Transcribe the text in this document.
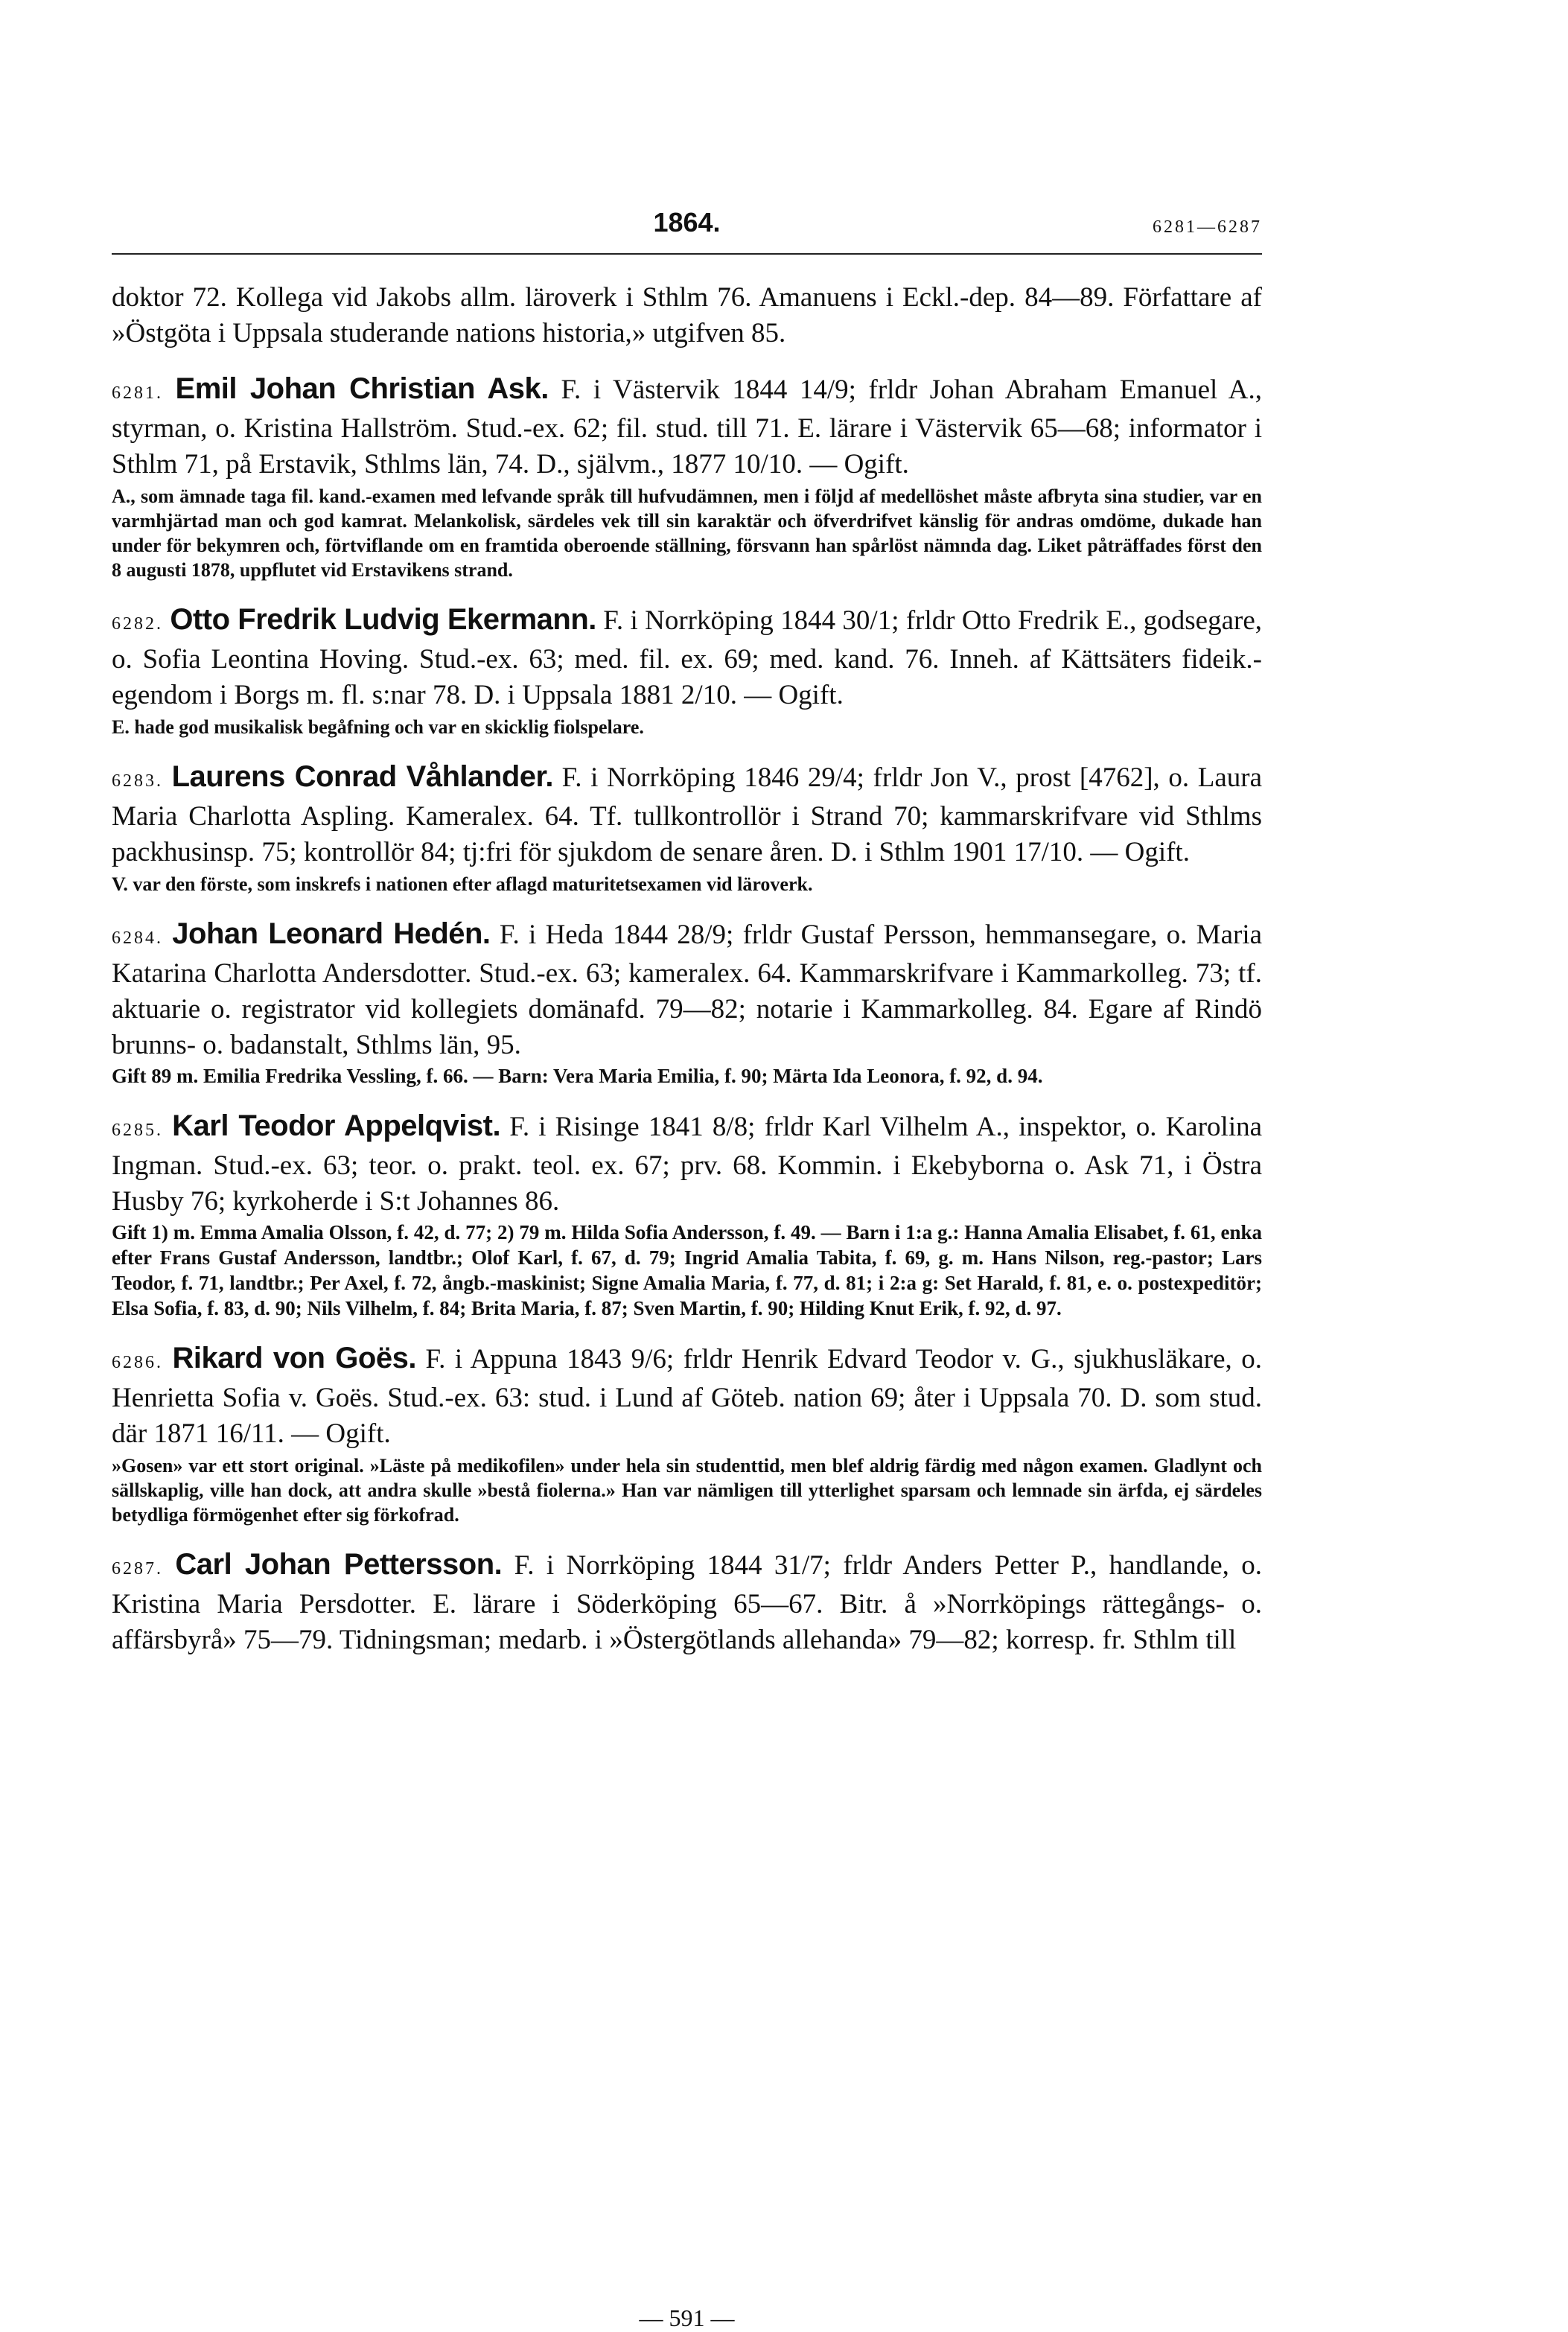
1864.	6281—6287

doktor 72. Kollega vid Jakobs allm. läroverk i Sthlm 76. Amanuens i Eckl.-dep. 84—89. Författare af »Östgöta i Uppsala studerande nations historia,» utgifven 85.

6281. Emil Johan Christian Ask. F. i Västervik 1844 14/9; frldr Johan Abraham Emanuel A., styrman, o. Kristina Hallström. Stud.-ex. 62; fil. stud. till 71. E. lärare i Västervik 65—68; informator i Sthlm 71, på Erstavik, Sthlms län, 74. D., självm., 1877 10/10. — Ogift.

A., som ämnade taga fil. kand.-examen med lefvande språk till hufvudämnen, men i följd af medellöshet måste afbryta sina studier, var en varmhjärtad man och god kamrat. Melankolisk, särdeles vek till sin karaktär och öfverdrifvet känslig för andras omdöme, dukade han under för bekymren och, förtviflande om en framtida oberoende ställning, försvann han spårlöst nämnda dag. Liket påträffades först den 8 augusti 1878, uppflutet vid Erstavikens strand.

6282. Otto Fredrik Ludvig Ekermann. F. i Norrköping 1844 30/1; frldr Otto Fredrik E., godsegare, o. Sofia Leontina Hoving. Stud.-ex. 63; med. fil. ex. 69; med. kand. 76. Inneh. af Kättsäters fideik.-egendom i Borgs m. fl. s:nar 78. D. i Uppsala 1881 2/10. — Ogift.

E. hade god musikalisk begåfning och var en skicklig fiolspelare.

6283. Laurens Conrad Våhlander. F. i Norrköping 1846 29/4; frldr Jon V., prost [4762], o. Laura Maria Charlotta Aspling. Kameralex. 64. Tf. tullkontrollör i Strand 70; kammarskrifvare vid Sthlms packhusinsp. 75; kontrollör 84; tj:fri för sjukdom de senare åren. D. i Sthlm 1901 17/10. — Ogift.

V. var den förste, som inskrefs i nationen efter aflagd maturitetsexamen vid läroverk.

6284. Johan Leonard Hedén. F. i Heda 1844 28/9; frldr Gustaf Persson, hemmansegare, o. Maria Katarina Charlotta Andersdotter. Stud.-ex. 63; kameralex. 64. Kammarskrifvare i Kammarkolleg. 73; tf. aktuarie o. registrator vid kollegiets domänafd. 79—82; notarie i Kammarkolleg. 84. Egare af Rindö brunns- o. badanstalt, Sthlms län, 95.

Gift 89 m. Emilia Fredrika Vessling, f. 66. — Barn: Vera Maria Emilia, f. 90; Märta Ida Leonora, f. 92, d. 94.

6285. Karl Teodor Appelqvist. F. i Risinge 1841 8/8; frldr Karl Vilhelm A., inspektor, o. Karolina Ingman. Stud.-ex. 63; teor. o. prakt. teol. ex. 67; prv. 68. Kommin. i Ekebyborna o. Ask 71, i Östra Husby 76; kyrkoherde i S:t Johannes 86.

Gift 1) m. Emma Amalia Olsson, f. 42, d. 77; 2) 79 m. Hilda Sofia Andersson, f. 49. — Barn i 1:a g.: Hanna Amalia Elisabet, f. 61, enka efter Frans Gustaf Andersson, landtbr.; Olof Karl, f. 67, d. 79; Ingrid Amalia Tabita, f. 69, g. m. Hans Nilson, reg.-pastor; Lars Teodor, f. 71, landtbr.; Per Axel, f. 72, ångb.-maskinist; Signe Amalia Maria, f. 77, d. 81; i 2:a g: Set Harald, f. 81, e. o. postexpeditör; Elsa Sofia, f. 83, d. 90; Nils Vilhelm, f. 84; Brita Maria, f. 87; Sven Martin, f. 90; Hilding Knut Erik, f. 92, d. 97.

6286. Rikard von Goës. F. i Appuna 1843 9/6; frldr Henrik Edvard Teodor v. G., sjukhusläkare, o. Henrietta Sofia v. Goës. Stud.-ex. 63: stud. i Lund af Göteb. nation 69; åter i Uppsala 70. D. som stud. där 1871 16/11. — Ogift.

»Gosen» var ett stort original. »Läste på medikofilen» under hela sin studenttid, men blef aldrig färdig med någon examen. Gladlynt och sällskaplig, ville han dock, att andra skulle »bestå fiolerna.» Han var nämligen till ytterlighet sparsam och lemnade sin ärfda, ej särdeles betydliga förmögenhet efter sig förkofrad.

6287. Carl Johan Pettersson. F. i Norrköping 1844 31/7; frldr Anders Petter P., handlande, o. Kristina Maria Persdotter. E. lärare i Söderköping 65—67. Bitr. å »Norrköpings rättegångs- o. affärsbyrå» 75—79. Tidningsman; medarb. i »Östergötlands allehanda» 79—82; korresp. fr. Sthlm till

— 591 —
